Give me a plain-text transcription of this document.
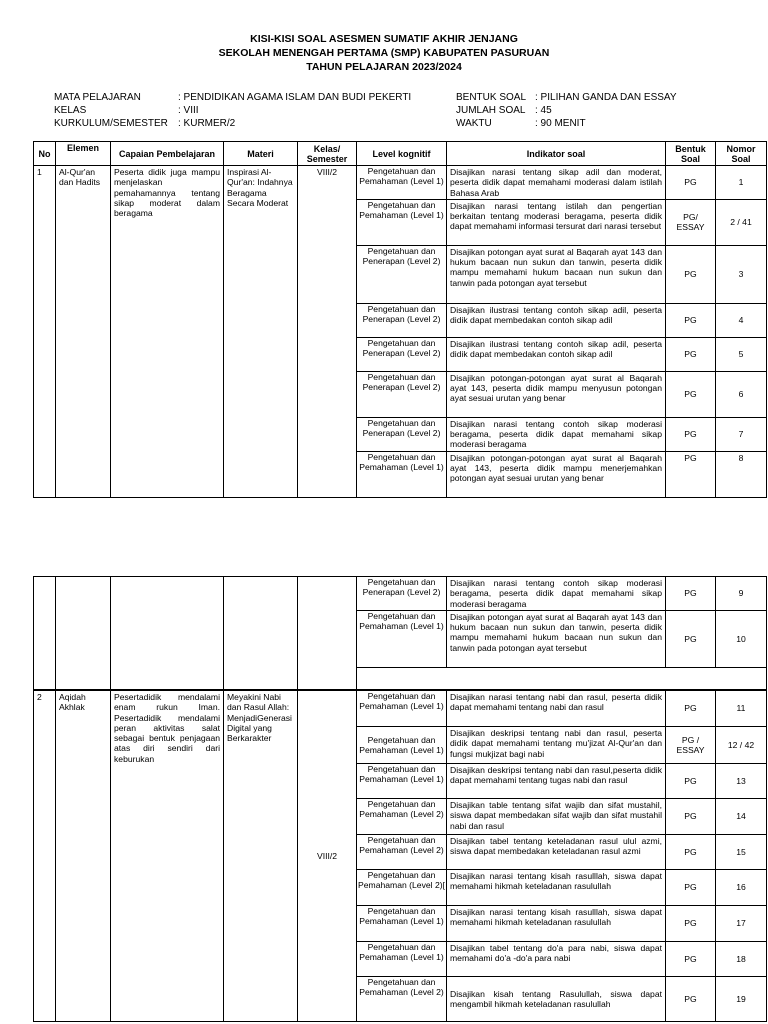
KISI-KISI SOAL ASESMEN SUMATIF AKHIR JENJANG
SEKOLAH MENENGAH PERTAMA (SMP) KABUPATEN PASURUAN
TAHUN PELAJARAN 2023/2024
MATA PELAJARAN	: PENDIDIKAN AGAMA ISLAM DAN BUDI PEKERTI
KELAS	: VIII
KURKULUM/SEMESTER	: KURMER/2
BENTUK SOAL	: PILIHAN GANDA DAN ESSAY
JUMLAH SOAL	: 45
WAKTU	: 90 MENIT
No	Elemen	Capaian Pembelajaran	Materi	Kelas/ Semester	Level kognitif	Indikator soal	Bentuk Soal	Nomor Soal
1	Al-Qur'an dan Hadits	Peserta didik juga mampu menjelaskan pemahamannya tentang sikap moderat dalam beragama	Inspirasi Al-Qur'an: Indahnya Beragama Secara Moderat	VIII/2	Pengetahuan dan Pemahaman (Level 1)	Disajikan narasi tentang sikap adil dan moderat, peserta didik dapat memahami moderasi dalam istilah Bahasa Arab	PG	1
					Pengetahuan dan Pemahaman (Level 1)	Disajikan narasi tentang istilah dan pengertian berkaitan tentang moderasi beragama, peserta didik dapat memahami informasi tersurat dari narasi tersebut	PG/ ESSAY	2 / 41
					Pengetahuan dan Penerapan (Level 2)	Disajikan potongan ayat surat al Baqarah ayat 143 dan hukum bacaan nun sukun dan tanwin, peserta didik mampu memahami hukum bacaan nun sukun dan tanwin pada potongan ayat tersebut	PG	3
					Pengetahuan dan Penerapan (Level 2)	Disajikan ilustrasi tentang contoh sikap adil, peserta didik dapat membedakan contoh sikap adil	PG	4
					Pengetahuan dan Penerapan (Level 2)	Disajikan ilustrasi tentang contoh sikap adil, peserta didik dapat membedakan contoh sikap adil	PG	5
					Pengetahuan dan Penerapan (Level 2)	Disajikan potongan-potongan ayat surat al Baqarah ayat 143, peserta didik mampu menyusun potongan ayat sesuai urutan yang benar	PG	6
					Pengetahuan dan Penerapan (Level 2)	Disajikan narasi tentang contoh sikap moderasi beragama, peserta didik dapat memahami sikap moderasi beragama	PG	7
					Pengetahuan dan Pemahaman (Level 1)	Disajikan potongan-potongan ayat surat al Baqarah ayat 143, peserta didik mampu menerjemahkan potongan ayat sesuai urutan yang benar	PG	8
					Pengetahuan dan Penerapan (Level 2)	Disajikan narasi tentang contoh sikap moderasi beragama, peserta didik dapat memahami sikap moderasi beragama	PG	9
					Pengetahuan dan Pemahaman (Level 1)	Disajikan potongan ayat surat al Baqarah ayat 143 dan hukum bacaan nun sukun dan tanwin, peserta didik mampu memahami hukum bacaan nun sukun dan tanwin pada potongan ayat tersebut	PG	10

2	Aqidah Akhlak	Pesertadidik mendalami enam rukun Iman. Pesertadidik mendalami peran aktivitas salat sebagai bentuk penjagaan atas diri sendiri dari keburukan	Meyakini Nabi dan Rasul Allah: MenjadiGenerasi Digital yang Berkarakter	VIII/2	Pengetahuan dan Pemahaman (Level 1)	Disajikan narasi tentang nabi dan rasul, peserta didik dapat memahami tentang nabi dan rasul	PG	11
					Pengetahuan dan Pemahaman (Level 1)	Disajikan deskripsi tentang nabi dan rasul, peserta didik dapat memahami tentang mu'jizat Al-Qur'an dan fungsi mukjizat bagi nabi	PG / ESSAY	12 / 42
					Pengetahuan dan Pemahaman (Level 1)	Disajikan deskripsi tentang nabi dan rasul,peserta didik dapat memahami tentang tugas nabi dan rasul	PG	13
					Pengetahuan dan Pemahaman (Level 2)	Disajikan table tentang sifat wajib dan sifat mustahil, siswa dapat membedakan sifat wajib dan sifat mustahil nabi dan rasul	PG	14
					Pengetahuan dan Pemahaman (Level 2)	Disajikan tabel tentang keteladanan rasul ulul azmi, siswa dapat membedakan keteladanan rasul azmi	PG	15
					Pengetahuan dan Pemahaman (Level 2)[	Disajikan narasi tentang kisah rasulllah, siswa dapat memahami hikmah keteladanan rasulullah	PG	16
					Pengetahuan dan Pemahaman (Level 1)	Disajikan narasi tentang kisah rasulllah, siswa dapat memahami hikmah keteladanan rasulullah	PG	17
					Pengetahuan dan Pemahaman (Level 1)	Disajikan tabel tentang do'a para nabi, siswa dapat memahami do'a -do'a para nabi	PG	18
					Pengetahuan dan Pemahaman (Level 2)	Disajikan kisah tentang Rasulullah, siswa dapat mengambil hikmah keteladanan rasulullah	PG	19
